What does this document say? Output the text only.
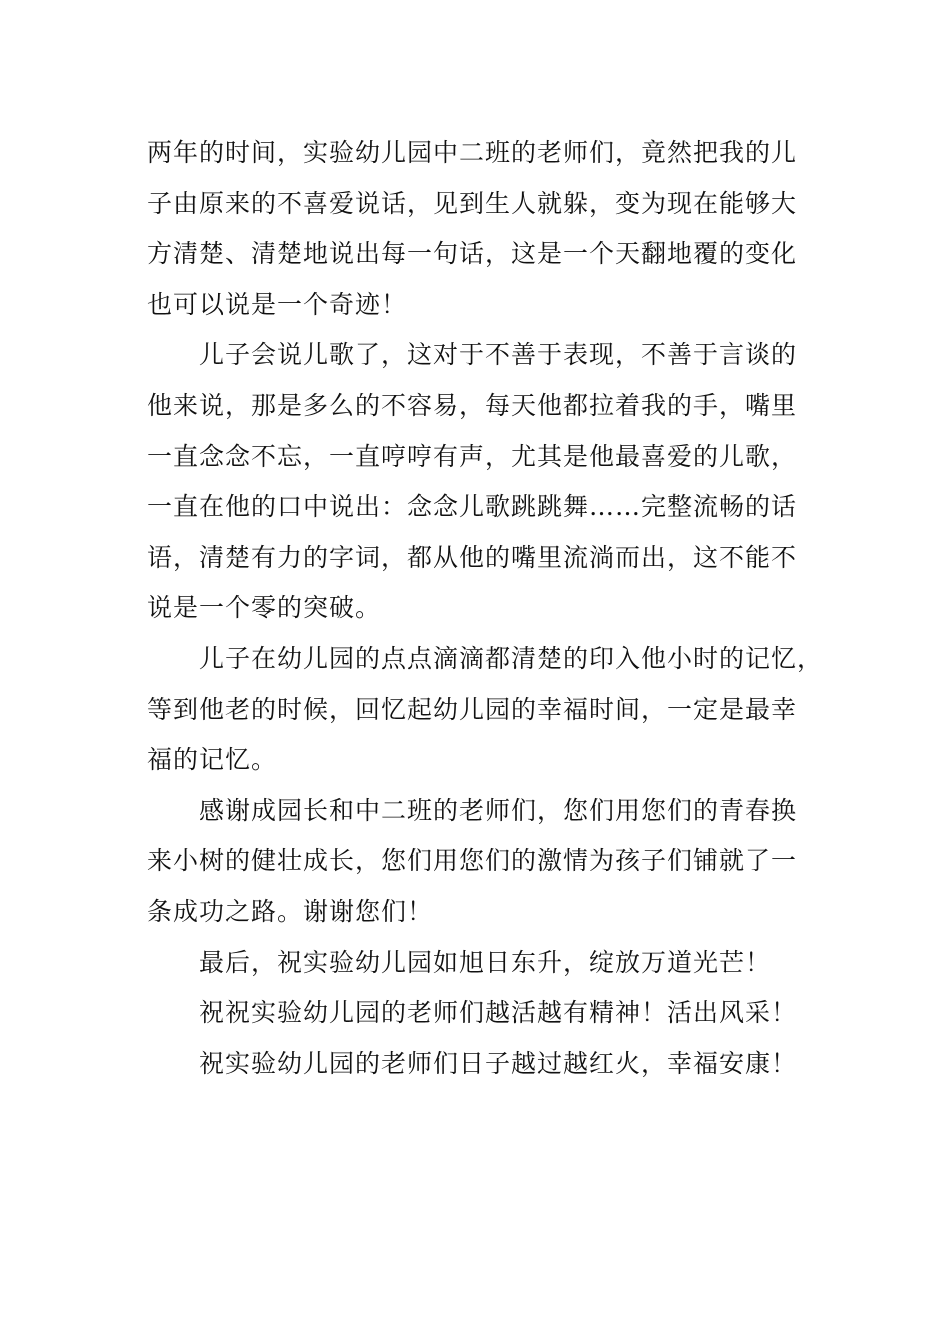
两年的时间，实验幼儿园中二班的老师们，竟然把我的儿
子由原来的不喜爱说话，见到生人就躲，变为现在能够大
方清楚、清楚地说出每一句话，这是一个天翻地覆的变化
也可以说是一个奇迹！
儿子会说儿歌了，这对于不善于表现，不善于言谈的
他来说，那是多么的不容易，每天他都拉着我的手，嘴里
一直念念不忘，一直哼哼有声，尤其是他最喜爱的儿歌，
一直在他的口中说出：念念儿歌跳跳舞……完整流畅的话
语，清楚有力的字词，都从他的嘴里流淌而出，这不能不
说是一个零的突破。
儿子在幼儿园的点点滴滴都清楚的印入他小时的记忆，
等到他老的时候，回忆起幼儿园的幸福时间，一定是最幸
福的记忆。
感谢成园长和中二班的老师们，您们用您们的青春换
来小树的健壮成长，您们用您们的激情为孩子们铺就了一
条成功之路。谢谢您们！
最后，祝实验幼儿园如旭日东升，绽放万道光芒！
祝祝实验幼儿园的老师们越活越有精神！活出风采！
祝实验幼儿园的老师们日子越过越红火，幸福安康！
